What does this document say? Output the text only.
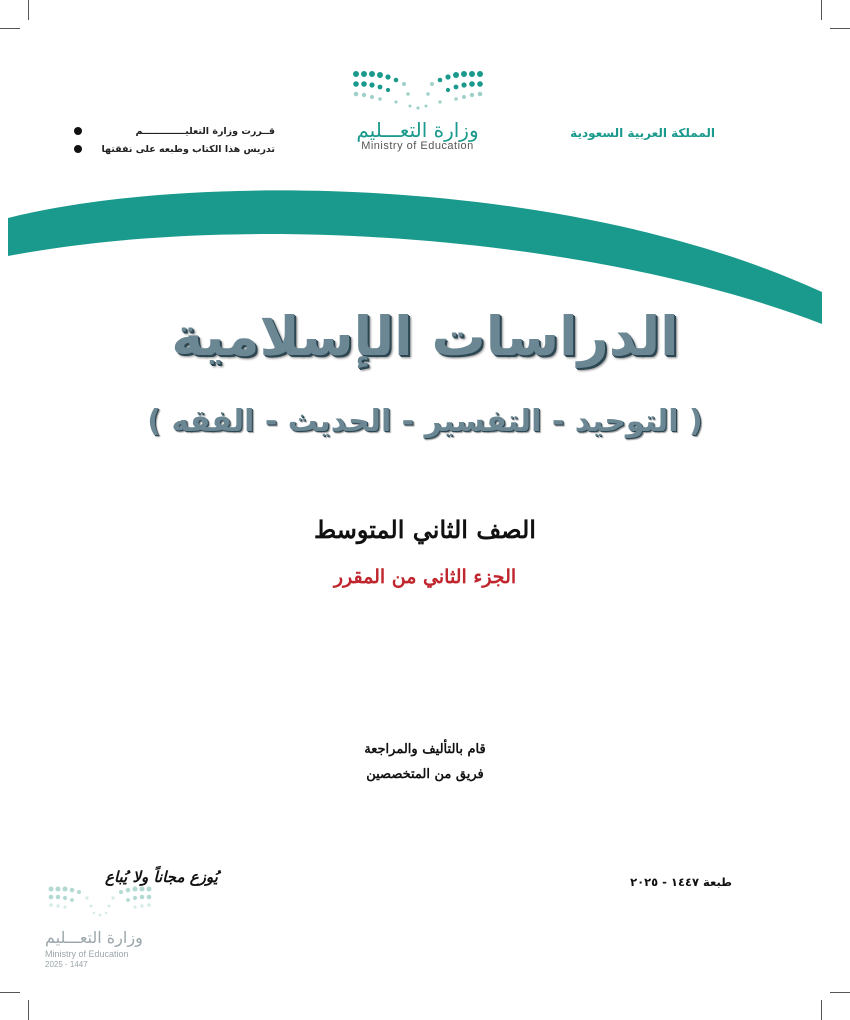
وزارة التعـــليم
Ministry of Education
المملكة العربية السعودية
قــررت وزارة التعليـــــــــــــم
تدريس هذا الكتاب وطبعه على نفقتها
الدراسات الإسلامية
( التوحيد - التفسير - الحديث - الفقه )
الصف الثاني المتوسط
الجزء الثاني من المقرر
قام بالتأليف والمراجعة
فريق من المتخصصين
طبعة ١٤٤٧ - ٢٠٢٥
يُوزع مجاناً ولا يُباع
وزارة التعـــليم
Ministry of Education
2025 - 1447
